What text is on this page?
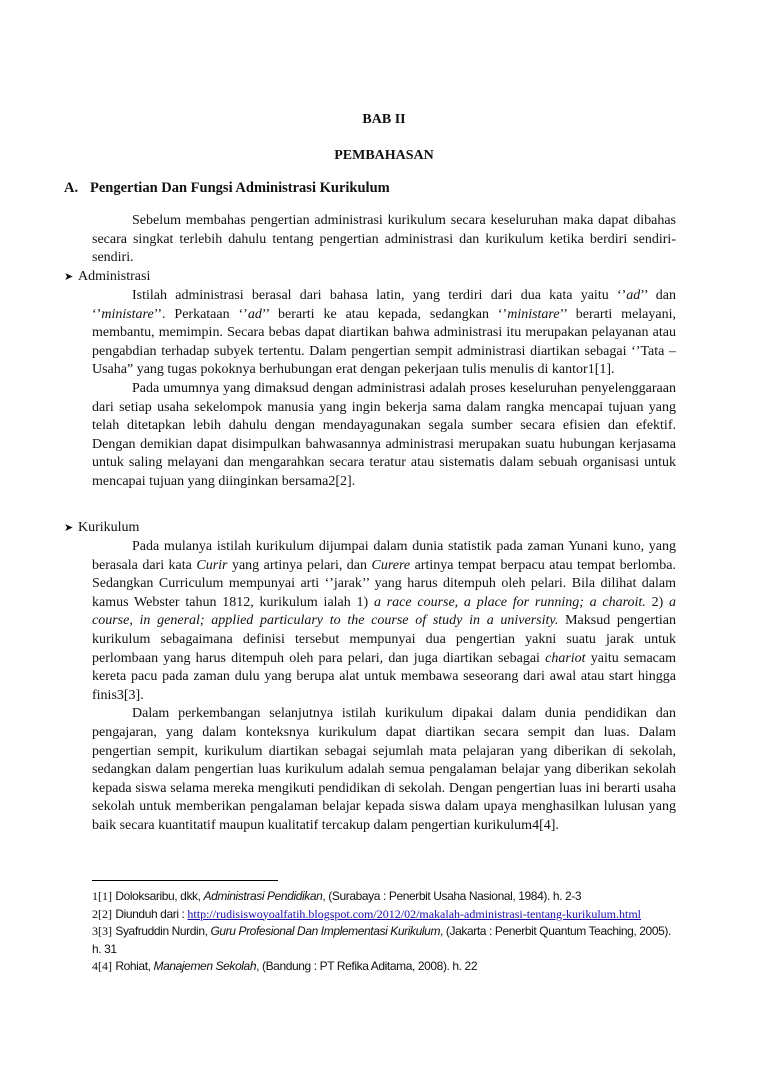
BAB II
PEMBAHASAN
A. Pengertian Dan Fungsi Administrasi Kurikulum

Sebelum membahas pengertian administrasi kurikulum secara keseluruhan maka dapat dibahas secara singkat terlebih dahulu tentang pengertian administrasi dan kurikulum ketika berdiri sendiri-sendiri.

➤ Administrasi

Istilah administrasi berasal dari bahasa latin, yang terdiri dari dua kata yaitu ‘’ad’’ dan ‘’ministare’’. Perkataan ‘’ad’’ berarti ke atau kepada, sedangkan ‘’ministare’’ berarti melayani, membantu, memimpin. Secara bebas dapat diartikan bahwa administrasi itu merupakan pelayanan atau pengabdian terhadap subyek tertentu. Dalam pengertian sempit administrasi diartikan sebagai ‘’Tata – Usaha” yang tugas pokoknya berhubungan erat dengan pekerjaan tulis menulis di kantor1[1].

Pada umumnya yang dimaksud dengan administrasi adalah proses keseluruhan penyelenggaraan dari setiap usaha sekelompok manusia yang ingin bekerja sama dalam rangka mencapai tujuan yang telah ditetapkan lebih dahulu dengan mendayagunakan segala sumber secara efisien dan efektif. Dengan demikian dapat disimpulkan bahwasannya administrasi merupakan suatu hubungan kerjasama untuk saling melayani dan mengarahkan secara teratur atau sistematis dalam sebuah organisasi untuk mencapai tujuan yang diinginkan bersama2[2].

➤ Kurikulum

Pada mulanya istilah kurikulum dijumpai dalam dunia statistik pada zaman Yunani kuno, yang berasala dari kata Curir yang artinya pelari, dan Curere artinya tempat berpacu atau tempat berlomba. Sedangkan Curriculum mempunyai arti ‘’jarak’’ yang harus ditempuh oleh pelari. Bila dilihat dalam kamus Webster tahun 1812, kurikulum ialah 1) a race course, a place for running; a charoit. 2) a course, in general; applied particulary to the course of study in a university. Maksud pengertian kurikulum sebagaimana definisi tersebut mempunyai dua pengertian yakni suatu jarak untuk perlombaan yang harus ditempuh oleh para pelari, dan juga diartikan sebagai chariot yaitu semacam kereta pacu pada zaman dulu yang berupa alat untuk membawa seseorang dari awal atau start hingga finis3[3].

Dalam perkembangan selanjutnya istilah kurikulum dipakai dalam dunia pendidikan dan pengajaran, yang dalam konteksnya kurikulum dapat diartikan secara sempit dan luas. Dalam pengertian sempit, kurikulum diartikan sebagai sejumlah mata pelajaran yang diberikan di sekolah, sedangkan dalam pengertian luas kurikulum adalah semua pengalaman belajar yang diberikan sekolah kepada siswa selama mereka mengikuti pendidikan di sekolah. Dengan pengertian luas ini berarti usaha sekolah untuk memberikan pengalaman belajar kepada siswa dalam upaya menghasilkan lulusan yang baik secara kuantitatif maupun kualitatif tercakup dalam pengertian kurikulum4[4].

1[1] Doloksaribu, dkk, Administrasi Pendidikan, (Surabaya : Penerbit Usaha Nasional, 1984). h. 2-3
2[2] Diunduh dari : http://rudisiswoyoalfatih.blogspot.com/2012/02/makalah-administrasi-tentang-kurikulum.html
3[3] Syafruddin Nurdin, Guru Profesional Dan Implementasi Kurikulum, (Jakarta : Penerbit Quantum Teaching, 2005). h. 31
4[4] Rohiat, Manajemen Sekolah, (Bandung : PT Refika Aditama, 2008). h. 22
